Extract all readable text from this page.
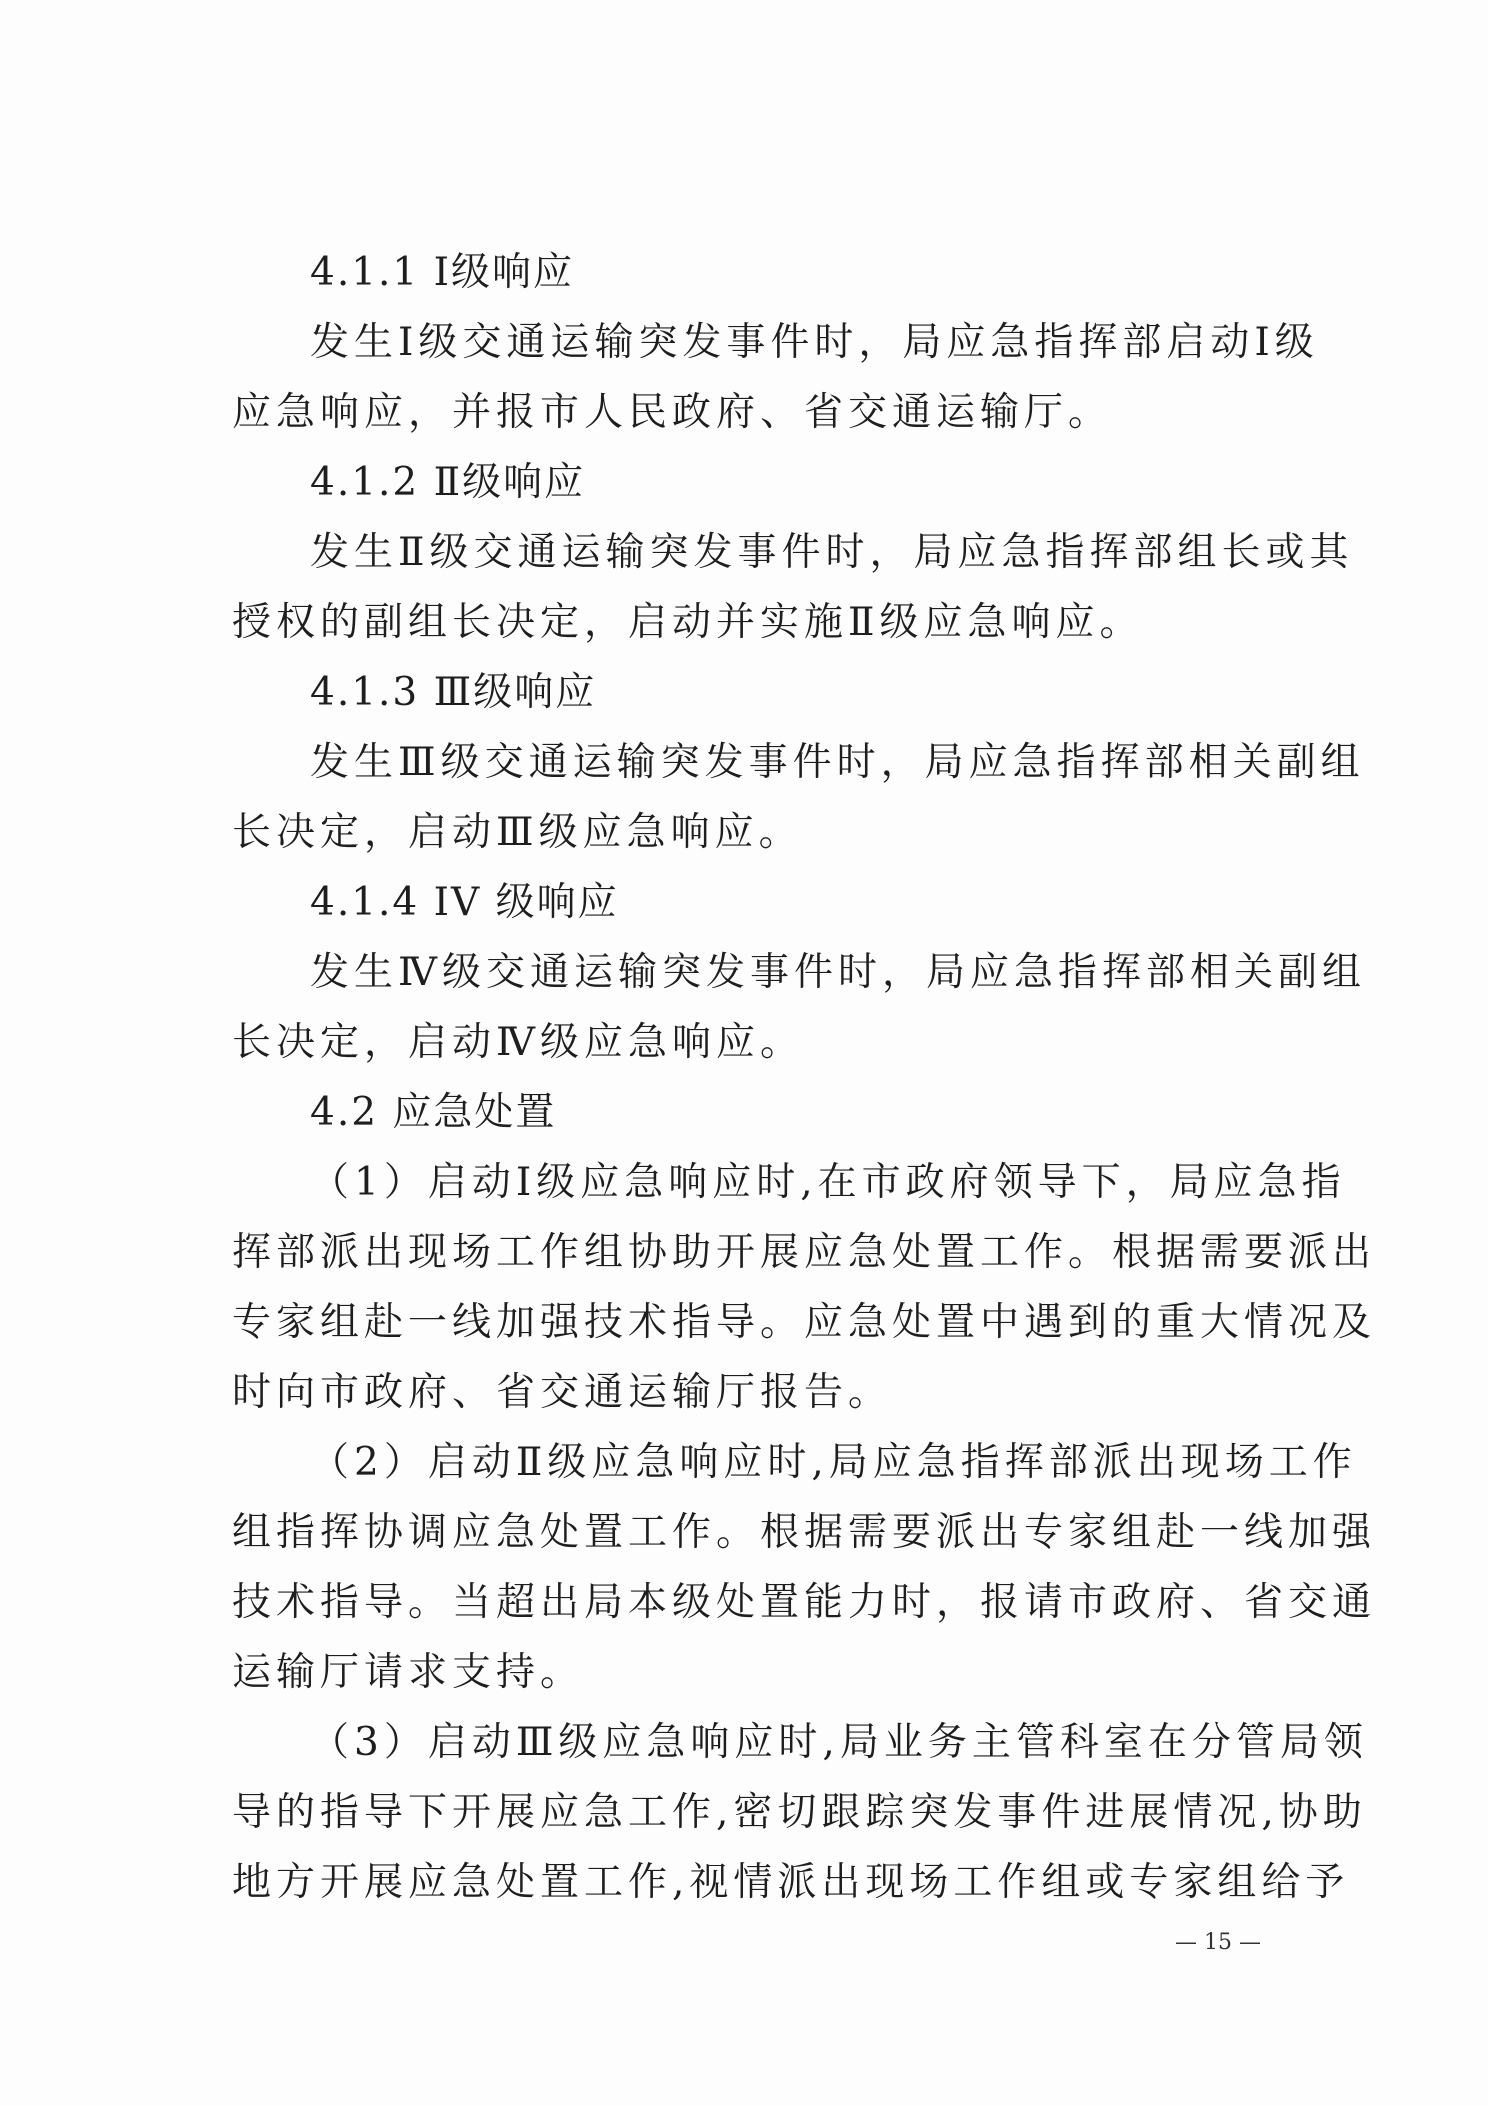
4.1.1 Ⅰ级响应
发生Ⅰ级交通运输突发事件时，局应急指挥部启动Ⅰ级
应急响应，并报市人民政府、省交通运输厅。
4.1.2 Ⅱ级响应
发生Ⅱ级交通运输突发事件时，局应急指挥部组长或其
授权的副组长决定，启动并实施Ⅱ级应急响应。
4.1.3 Ⅲ级响应
发生Ⅲ级交通运输突发事件时，局应急指挥部相关副组
长决定，启动Ⅲ级应急响应。
4.1.4 IV 级响应
发生Ⅳ级交通运输突发事件时，局应急指挥部相关副组
长决定，启动Ⅳ级应急响应。
4.2 应急处置
（1）启动Ⅰ级应急响应时,在市政府领导下，局应急指
挥部派出现场工作组协助开展应急处置工作。根据需要派出
专家组赴一线加强技术指导。应急处置中遇到的重大情况及
时向市政府、省交通运输厅报告。
（2）启动Ⅱ级应急响应时,局应急指挥部派出现场工作
组指挥协调应急处置工作。根据需要派出专家组赴一线加强
技术指导。当超出局本级处置能力时，报请市政府、省交通
运输厅请求支持。
（3）启动Ⅲ级应急响应时,局业务主管科室在分管局领
导的指导下开展应急工作,密切跟踪突发事件进展情况,协助
地方开展应急处置工作,视情派出现场工作组或专家组给予
— 15 —
